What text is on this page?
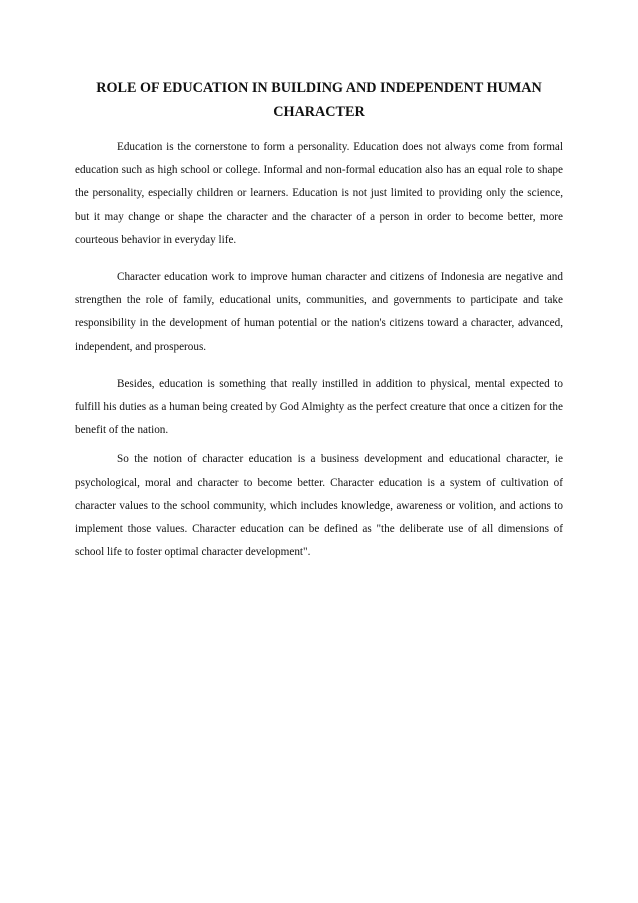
ROLE OF EDUCATION IN BUILDING AND INDEPENDENT HUMAN CHARACTER

Education is the cornerstone to form a personality. Education does not always come from formal education such as high school or college. Informal and non-formal education also has an equal role to shape the personality, especially children or learners. Education is not just limited to providing only the science, but it may change or shape the character and the character of a person in order to become better, more courteous behavior in everyday life.

Character education work to improve human character and citizens of Indonesia are negative and strengthen the role of family, educational units, communities, and governments to participate and take responsibility in the development of human potential or the nation's citizens toward a character, advanced, independent, and prosperous.

Besides, education is something that really instilled in addition to physical, mental expected to fulfill his duties as a human being created by God Almighty as the perfect creature that once a citizen for the benefit of the nation.

So the notion of character education is a business development and educational character, ie psychological, moral and character to become better. Character education is a system of cultivation of character values to the school community, which includes knowledge, awareness or volition, and actions to implement those values. Character education can be defined as "the deliberate use of all dimensions of school life to foster optimal character development".
